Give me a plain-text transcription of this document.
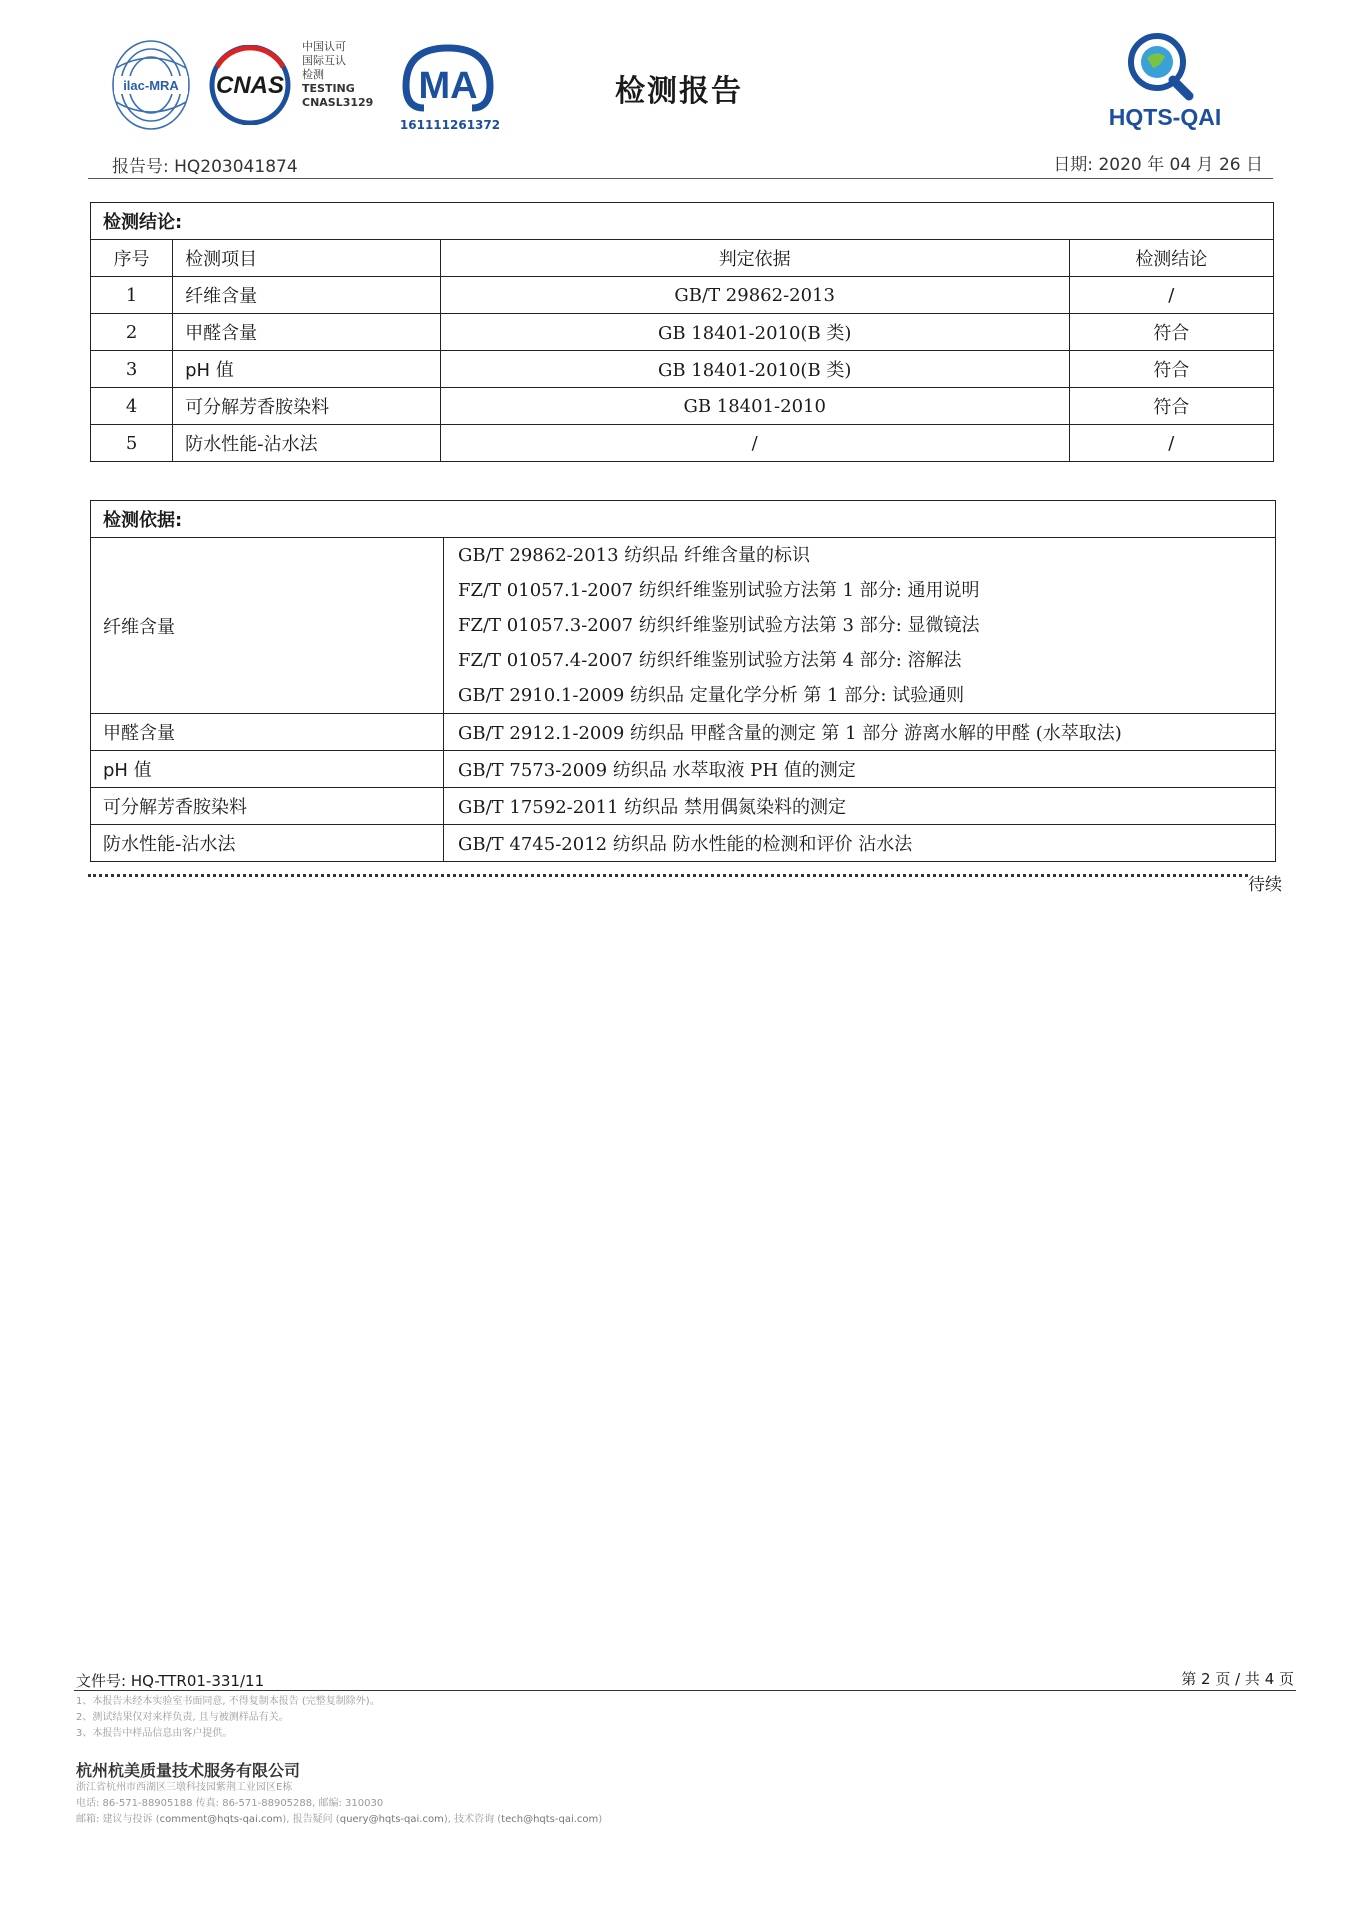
ilac-MRA CNAS
中国认可
国际互认
检测
TESTING
CNASL3129 MA
161111261372
检测报告
HQTS-QAI
报告号: HQ203041874	日期: 2020 年 04 月 26 日
检测结论:			
序号	检测项目	判定依据	检测结论
1	纤维含量	GB/T 29862-2013	/
2	甲醛含量	GB 18401-2010(B 类)	符合
3	pH 值	GB 18401-2010(B 类)	符合
4	可分解芳香胺染料	GB 18401-2010	符合
5	防水性能-沾水法	/	/
检测依据:	
纤维含量	GB/T 29862-2013 纺织品 纤维含量的标识
FZ/T 01057.1-2007 纺织纤维鉴别试验方法第 1 部分: 通用说明
FZ/T 01057.3-2007 纺织纤维鉴别试验方法第 3 部分: 显微镜法
FZ/T 01057.4-2007 纺织纤维鉴别试验方法第 4 部分: 溶解法
GB/T 2910.1-2009 纺织品 定量化学分析 第 1 部分: 试验通则

甲醛含量	GB/T 2912.1-2009 纺织品 甲醛含量的测定 第 1 部分 游离水解的甲醛 (水萃取法)
pH 值	GB/T 7573-2009 纺织品 水萃取液 PH 值的测定
可分解芳香胺染料	GB/T 17592-2011 纺织品 禁用偶氮染料的测定
防水性能-沾水法	GB/T 4745-2012 纺织品 防水性能的检测和评价 沾水法
待续
文件号: HQ-TTR01-331/11	第 2 页 / 共 4 页
1、本报告未经本实验室书面同意, 不得复制本报告 (完整复制除外)。
2、测试结果仅对来样负责, 且与被测样品有关。
3、本报告中样品信息由客户提供。
杭州杭美质量技术服务有限公司
浙江省杭州市西湖区三墩科技园紫荆工业园区E栋
电话: 86-571-88905188 传真: 86-571-88905288, 邮编: 310030
邮箱: 建议与投诉 (comment@hqts-qai.com), 报告疑问 (query@hqts-qai.com), 技术咨询 (tech@hqts-qai.com)
